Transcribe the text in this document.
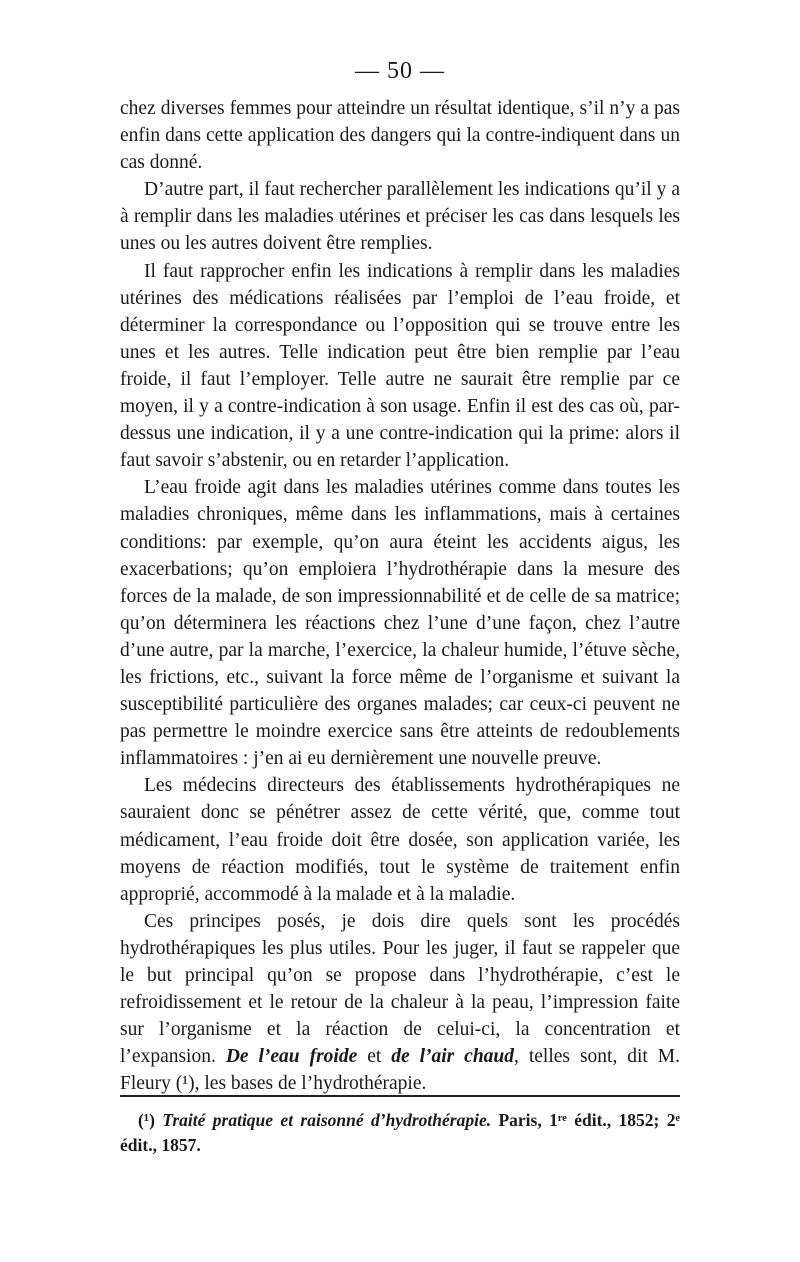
— 50 —

chez diverses femmes pour atteindre un résultat identique, s’il n’y a pas enfin dans cette application des dangers qui la contre-indiquent dans un cas donné.

D’autre part, il faut rechercher parallèlement les indications qu’il y a à remplir dans les maladies utérines et préciser les cas dans lesquels les unes ou les autres doivent être remplies.

Il faut rapprocher enfin les indications à remplir dans les maladies utérines des médications réalisées par l’emploi de l’eau froide, et déterminer la correspondance ou l’opposition qui se trouve entre les unes et les autres. Telle indication peut être bien remplie par l’eau froide, il faut l’employer. Telle autre ne saurait être remplie par ce moyen, il y a contre-indication à son usage. Enfin il est des cas où, par-dessus une indication, il y a une contre-indication qui la prime: alors il faut savoir s’abstenir, ou en retarder l’application.

L’eau froide agit dans les maladies utérines comme dans toutes les maladies chroniques, même dans les inflammations, mais à certaines conditions: par exemple, qu’on aura éteint les accidents aigus, les exacerbations; qu’on emploiera l’hydrothérapie dans la mesure des forces de la malade, de son impressionnabilité et de celle de sa matrice; qu’on déterminera les réactions chez l’une d’une façon, chez l’autre d’une autre, par la marche, l’exercice, la chaleur humide, l’étuve sèche, les frictions, etc., suivant la force même de l’organisme et suivant la susceptibilité particulière des organes malades; car ceux-ci peuvent ne pas permettre le moindre exercice sans être atteints de redoublements inflammatoires : j’en ai eu dernièrement une nouvelle preuve.

Les médecins directeurs des établissements hydrothérapiques ne sauraient donc se pénétrer assez de cette vérité, que, comme tout médicament, l’eau froide doit être dosée, son application variée, les moyens de réaction modifiés, tout le système de traitement enfin approprié, accommodé à la malade et à la maladie.

Ces principes posés, je dois dire quels sont les procédés hydrothérapiques les plus utiles. Pour les juger, il faut se rappeler que le but principal qu’on se propose dans l’hydrothérapie, c’est le refroidissement et le retour de la chaleur à la peau, l’impression faite sur l’organisme et la réaction de celui-ci, la concentration et l’expansion. De l’eau froide et de l’air chaud, telles sont, dit M. Fleury (¹), les bases de l’hydrothérapie.

(¹) Traité pratique et raisonné d’hydrothérapie. Paris, 1ʳᵉ édit., 1852; 2ᵉ édit., 1857.
